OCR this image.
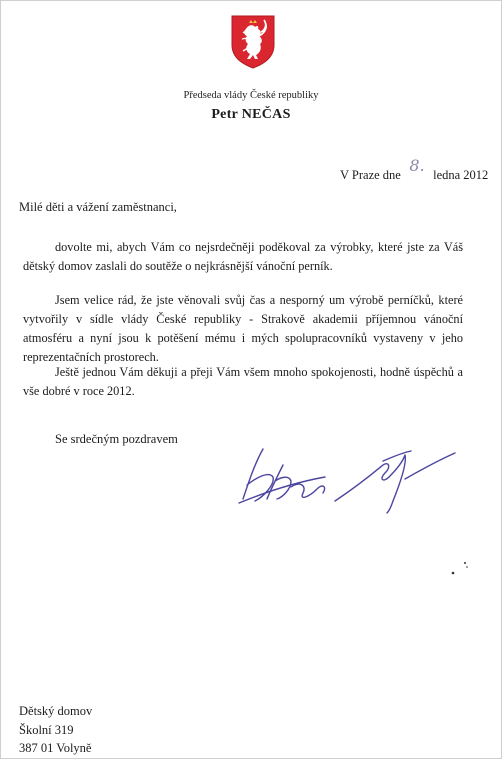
Předseda vlády České republiky
Petr NEČAS
V Praze dne 8. ledna 2012
Milé děti a vážení zaměstnanci,

dovolte mi, abych Vám co nejsrdečněji poděkoval za výrobky, které jste za Váš dětský domov zaslali do soutěže o nejkrásnější vánoční perník.

Jsem velice rád, že jste věnovali svůj čas a nesporný um výrobě perníčků, které vytvořily v sídle vlády České republiky - Strakově akademii příjemnou vánoční atmosféru a nyní jsou k potěšení mému i mých spolupracovníků vystaveny v jeho reprezentačních prostorech.

Ještě jednou Vám děkuji a přeji Vám všem mnoho spokojenosti, hodně úspěchů a vše dobré v roce 2012.

Se srdečným pozdravem
Dětský domov
Školní 319
387 01 Volyně
